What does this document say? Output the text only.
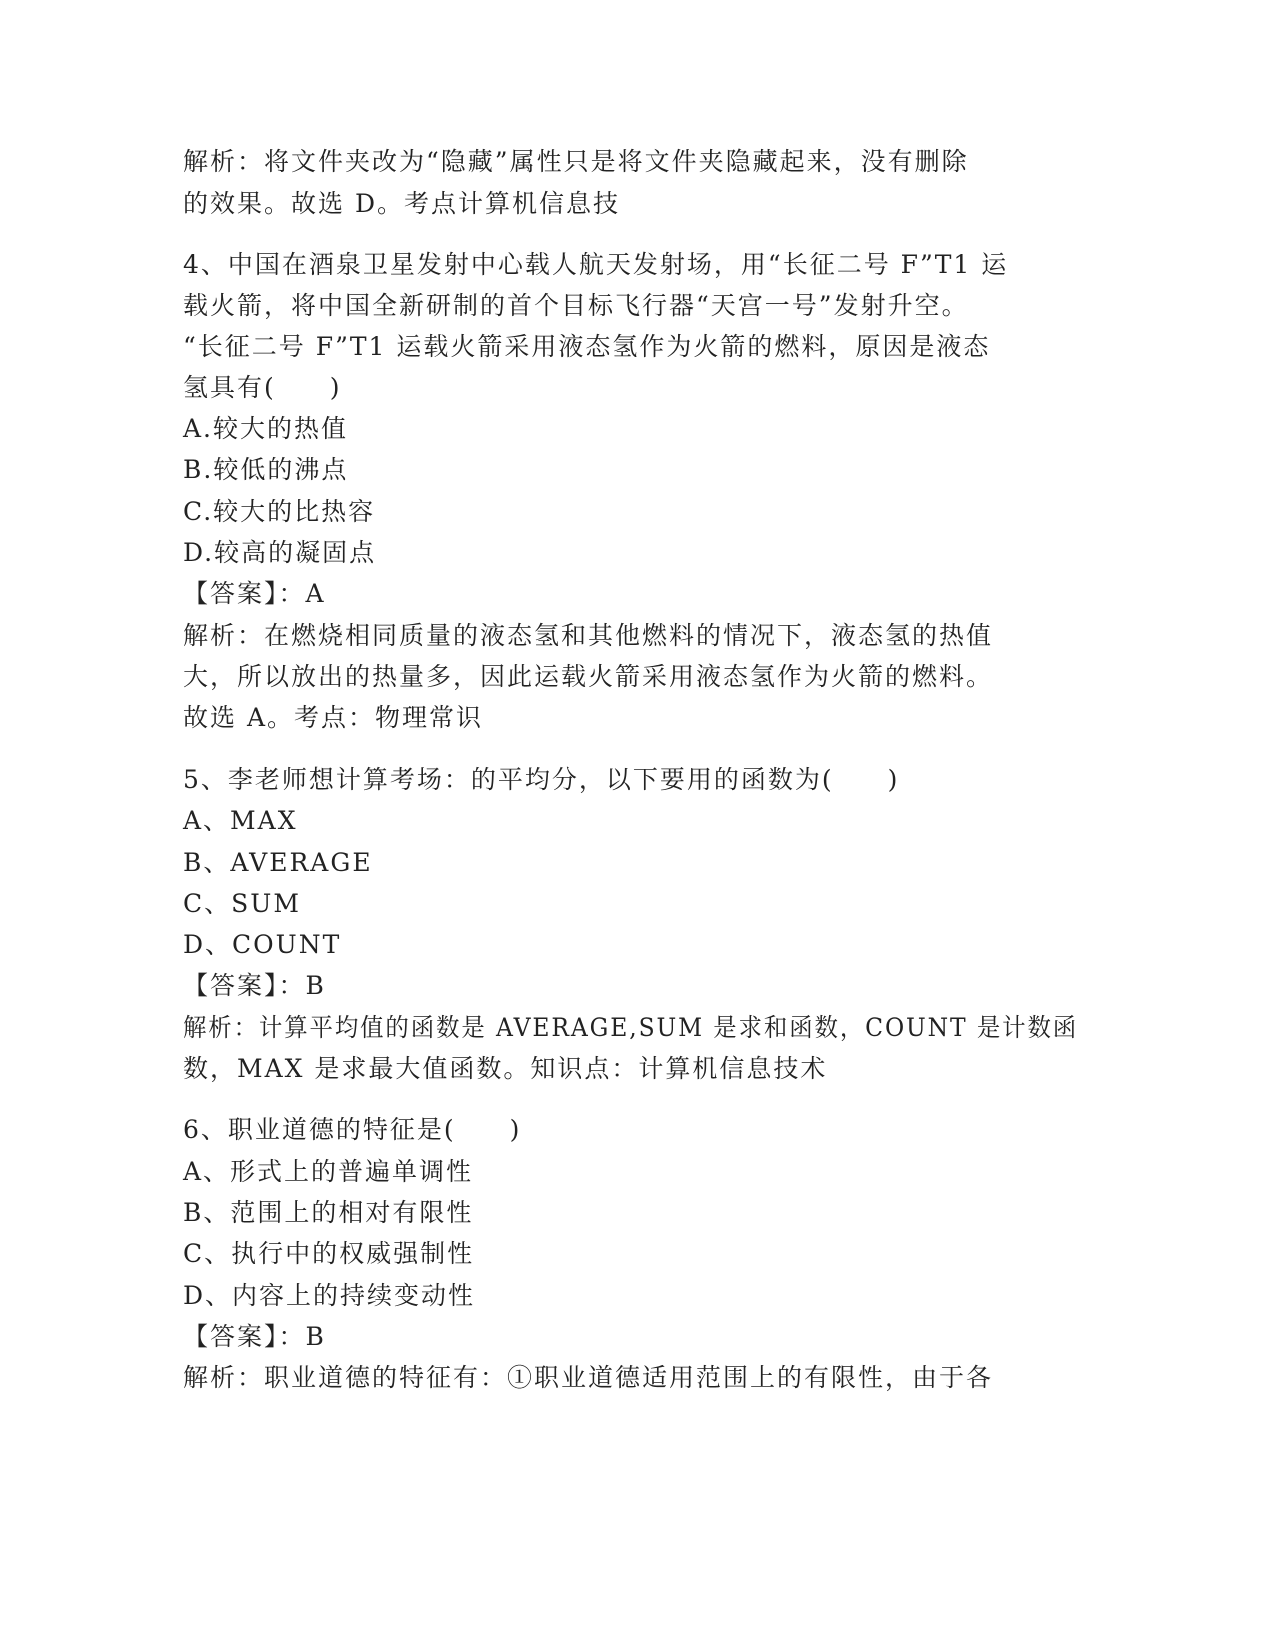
解析：将文件夹改为“隐藏”属性只是将文件夹隐藏起来，没有删除
的效果。故选 D。考点计算机信息技
4、中国在酒泉卫星发射中心载人航天发射场，用“长征二号 F”T1 运
载火箭，将中国全新研制的首个目标飞行器“天宫一号”发射升空。
“长征二号 F”T1 运载火箭采用液态氢作为火箭的燃料，原因是液态
氢具有(　　)
A.较大的热值
B.较低的沸点
C.较大的比热容
D.较高的凝固点
【答案】：A
解析：在燃烧相同质量的液态氢和其他燃料的情况下，液态氢的热值
大，所以放出的热量多，因此运载火箭采用液态氢作为火箭的燃料。
故选 A。考点：物理常识
5、李老师想计算考场：的平均分，以下要用的函数为(　　)
A、MAX
B、AVERAGE
C、SUM
D、COUNT
【答案】：B
解析：计算平均值的函数是 AVERAGE,SUM 是求和函数，COUNT 是计数函
数，MAX 是求最大值函数。知识点：计算机信息技术
6、职业道德的特征是(　　)
A、形式上的普遍单调性
B、范围上的相对有限性
C、执行中的权威强制性
D、内容上的持续变动性
【答案】：B
解析：职业道德的特征有：①职业道德适用范围上的有限性，由于各
